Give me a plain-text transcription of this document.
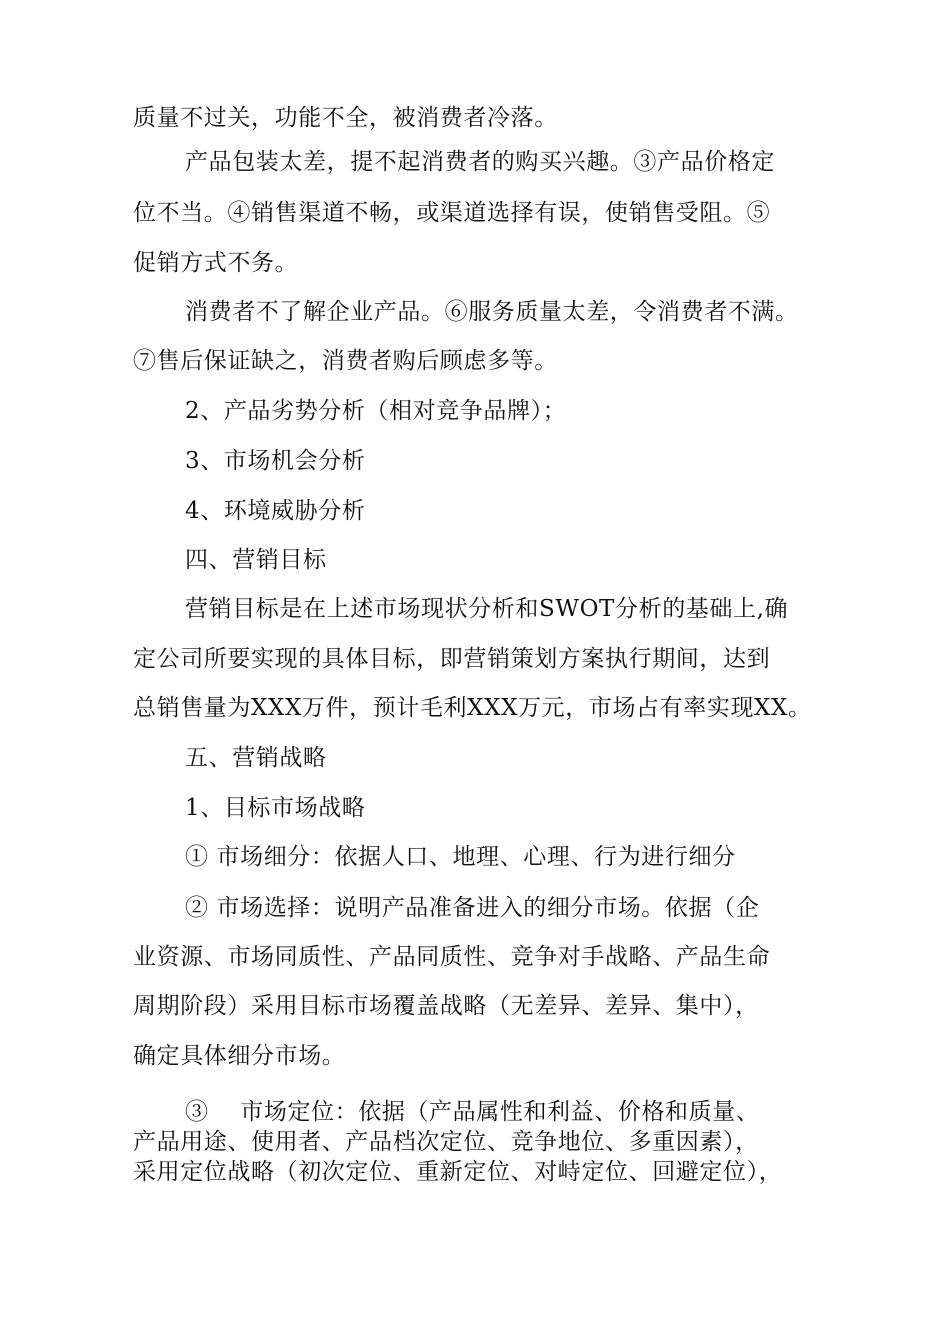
质量不过关，功能不全，被消费者冷落。
产品包装太差，提不起消费者的购买兴趣。③产品价格定
位不当。④销售渠道不畅，或渠道选择有误，使销售受阻。⑤
促销方式不务。
消费者不了解企业产品。⑥服务质量太差，令消费者不满。
⑦售后保证缺之，消费者购后顾虑多等。
2、产品劣势分析（相对竞争品牌）；
3、市场机会分析
4、环境威胁分析
四、营销目标
营销目标是在上述市场现状分析和SWOT分析的基础上,确
定公司所要实现的具体目标，即营销策划方案执行期间，达到
总销售量为XXX万件，预计毛利XXX万元，市场占有率实现XX。
五、营销战略
1、目标市场战略
① 市场细分：依据人口、地理、心理、行为进行细分
② 市场选择：说明产品准备进入的细分市场。依据（企
业资源、市场同质性、产品同质性、竞争对手战略、产品生命
周期阶段）采用目标市场覆盖战略（无差异、差异、集中），
确定具体细分市场。
③    市场定位：依据（产品属性和利益、价格和质量、
产品用途、使用者、产品档次定位、竞争地位、多重因素），
采用定位战略（初次定位、重新定位、对峙定位、回避定位），
